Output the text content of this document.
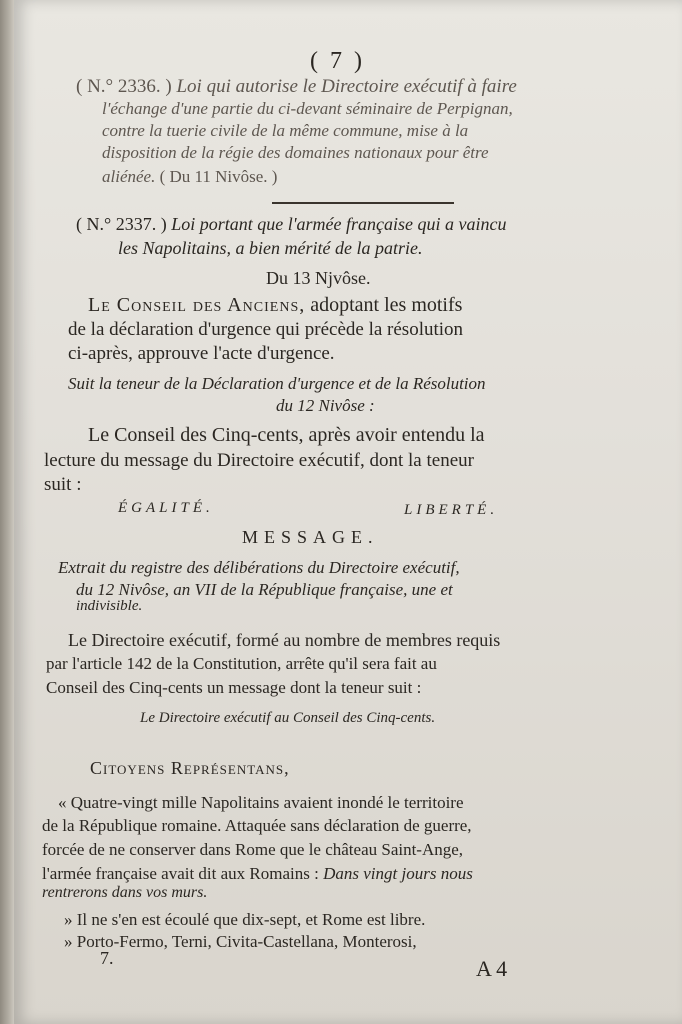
( 7 )
( N.° 2336. ) Loi qui autorise le Directoire exécutif à faire
l'échange d'une partie du ci-devant séminaire de Perpignan,
contre la tuerie civile de la même commune, mise à la
disposition de la régie des domaines nationaux pour être
aliénée. ( Du 11 Nivôse. )
( N.° 2337. ) Loi portant que l'armée française qui a vaincu
les Napolitains, a bien mérité de la patrie.
Du 13 Njvôse.
Le Conseil des Anciens, adoptant les motifs
de la déclaration d'urgence qui précède la résolution
ci-après, approuve l'acte d'urgence.
Suit la teneur de la Déclaration d'urgence et de la Résolution
du 12 Nivôse :
Le Conseil des Cinq-cents, après avoir entendu la
lecture du message du Directoire exécutif, dont la teneur
suit :
ÉGALITÉ.	LIBERTÉ.
MESSAGE.
Extrait du registre des délibérations du Directoire exécutif,
du 12 Nivôse, an VII de la République française, une et
indivisible.
Le Directoire exécutif, formé au nombre de membres requis
par l'article 142 de la Constitution, arrête qu'il sera fait au
Conseil des Cinq-cents un message dont la teneur suit :
Le Directoire exécutif au Conseil des Cinq-cents.
Citoyens Représentans,
« Quatre-vingt mille Napolitains avaient inondé le territoire
de la République romaine. Attaquée sans déclaration de guerre,
forcée de ne conserver dans Rome que le château Saint-Ange,
l'armée française avait dit aux Romains : Dans vingt jours nous
rentrerons dans vos murs.
» Il ne s'en est écoulé que dix-sept, et Rome est libre.
» Porto-Fermo, Terni, Civita-Castellana, Monterosi,
7.	A 4
